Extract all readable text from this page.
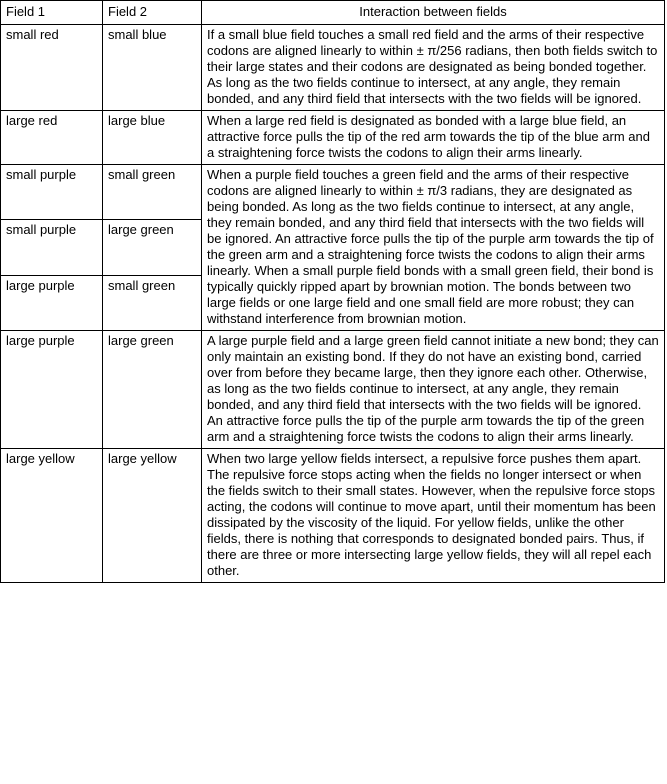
Field 1	Field 2	Interaction between fields
small red	small blue	If a small blue field touches a small red field and the arms of their respective codons are aligned linearly to within ± π/256 radians, then both fields switch to their large states and their codons are designated as being bonded together. As long as the two fields continue to intersect, at any angle, they remain bonded, and any third field that intersects with the two fields will be ignored.
large red	large blue	When a large red field is designated as bonded with a large blue field, an attractive force pulls the tip of the red arm towards the tip of the blue arm and a straightening force twists the codons to align their arms linearly.
small purple	small green	When a purple field touches a green field and the arms of their respective codons are aligned linearly to within ± π/3 radians, they are designated as being bonded. As long as the two fields continue to intersect, at any angle, they remain bonded, and any third field that intersects with the two fields will be ignored. An attractive force pulls the tip of the purple arm towards the tip of the green arm and a straightening force twists the codons to align their arms linearly. When a small purple field bonds with a small green field, their bond is typically quickly ripped apart by brownian motion. The bonds between two large fields or one large field and one small field are more robust; they can withstand interference from brownian motion.
small purple	large green	
large purple	small green	
large purple	large green	A large purple field and a large green field cannot initiate a new bond; they can only maintain an existing bond. If they do not have an existing bond, carried over from before they became large, then they ignore each other. Otherwise, as long as the two fields continue to intersect, at any angle, they remain bonded, and any third field that intersects with the two fields will be ignored. An attractive force pulls the tip of the purple arm towards the tip of the green arm and a straightening force twists the codons to align their arms linearly.
large yellow	large yellow	When two large yellow fields intersect, a repulsive force pushes them apart. The repulsive force stops acting when the fields no longer intersect or when the fields switch to their small states. However, when the repulsive force stops acting, the codons will continue to move apart, until their momentum has been dissipated by the viscosity of the liquid. For yellow fields, unlike the other fields, there is nothing that corresponds to designated bonded pairs. Thus, if there are three or more intersecting large yellow fields, they will all repel each other.
